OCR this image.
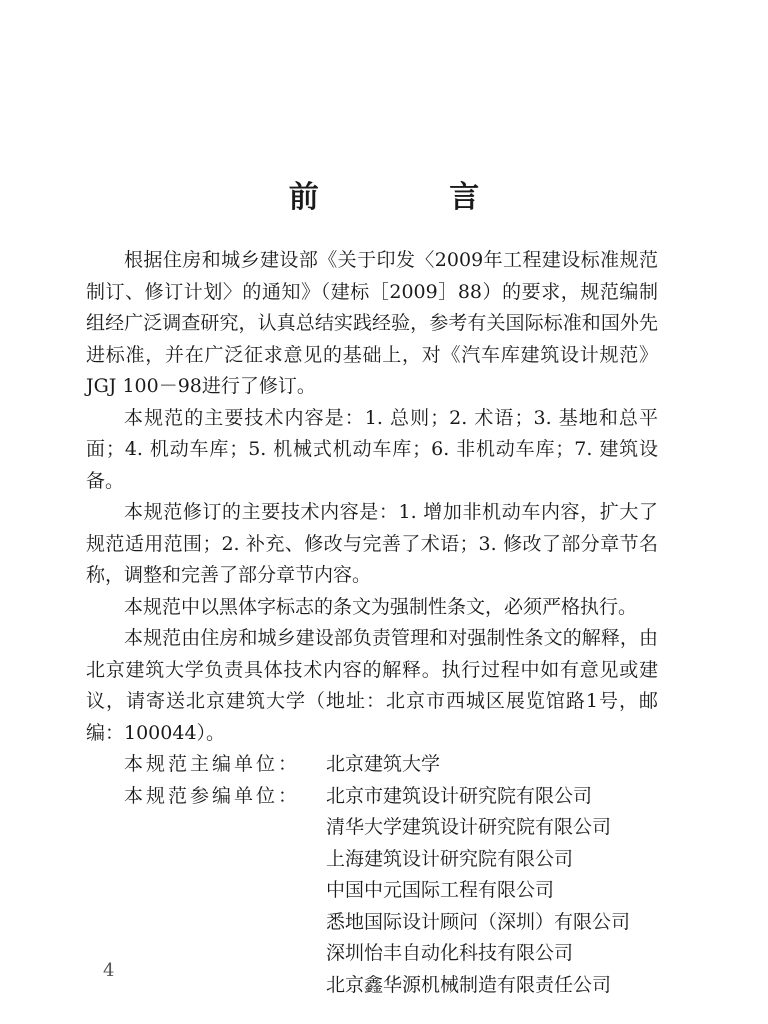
前 言

根据住房和城乡建设部《关于印发〈2009年工程建设标准规范制订、修订计划〉的通知》（建标［2009］88）的要求，规范编制组经广泛调查研究，认真总结实践经验，参考有关国际标准和国外先进标准，并在广泛征求意见的基础上，对《汽车库建筑设计规范》JGJ 100－98进行了修订。

本规范的主要技术内容是：1. 总则；2. 术语；3. 基地和总平面；4. 机动车库；5. 机械式机动车库；6. 非机动车库；7. 建筑设备。

本规范修订的主要技术内容是：1. 增加非机动车内容，扩大了规范适用范围；2. 补充、修改与完善了术语；3. 修改了部分章节名称，调整和完善了部分章节内容。

本规范中以黑体字标志的条文为强制性条文，必须严格执行。

本规范由住房和城乡建设部负责管理和对强制性条文的解释，由北京建筑大学负责具体技术内容的解释。执行过程中如有意见或建议，请寄送北京建筑大学（地址：北京市西城区展览馆路1号，邮编：100044）。

本规范主编单位：	北京建筑大学
本规范参编单位：	北京市建筑设计研究院有限公司
清华大学建筑设计研究院有限公司
上海建筑设计研究院有限公司
中国中元国际工程有限公司
悉地国际设计顾问（深圳）有限公司
深圳怡丰自动化科技有限公司
北京鑫华源机械制造有限责任公司
4
